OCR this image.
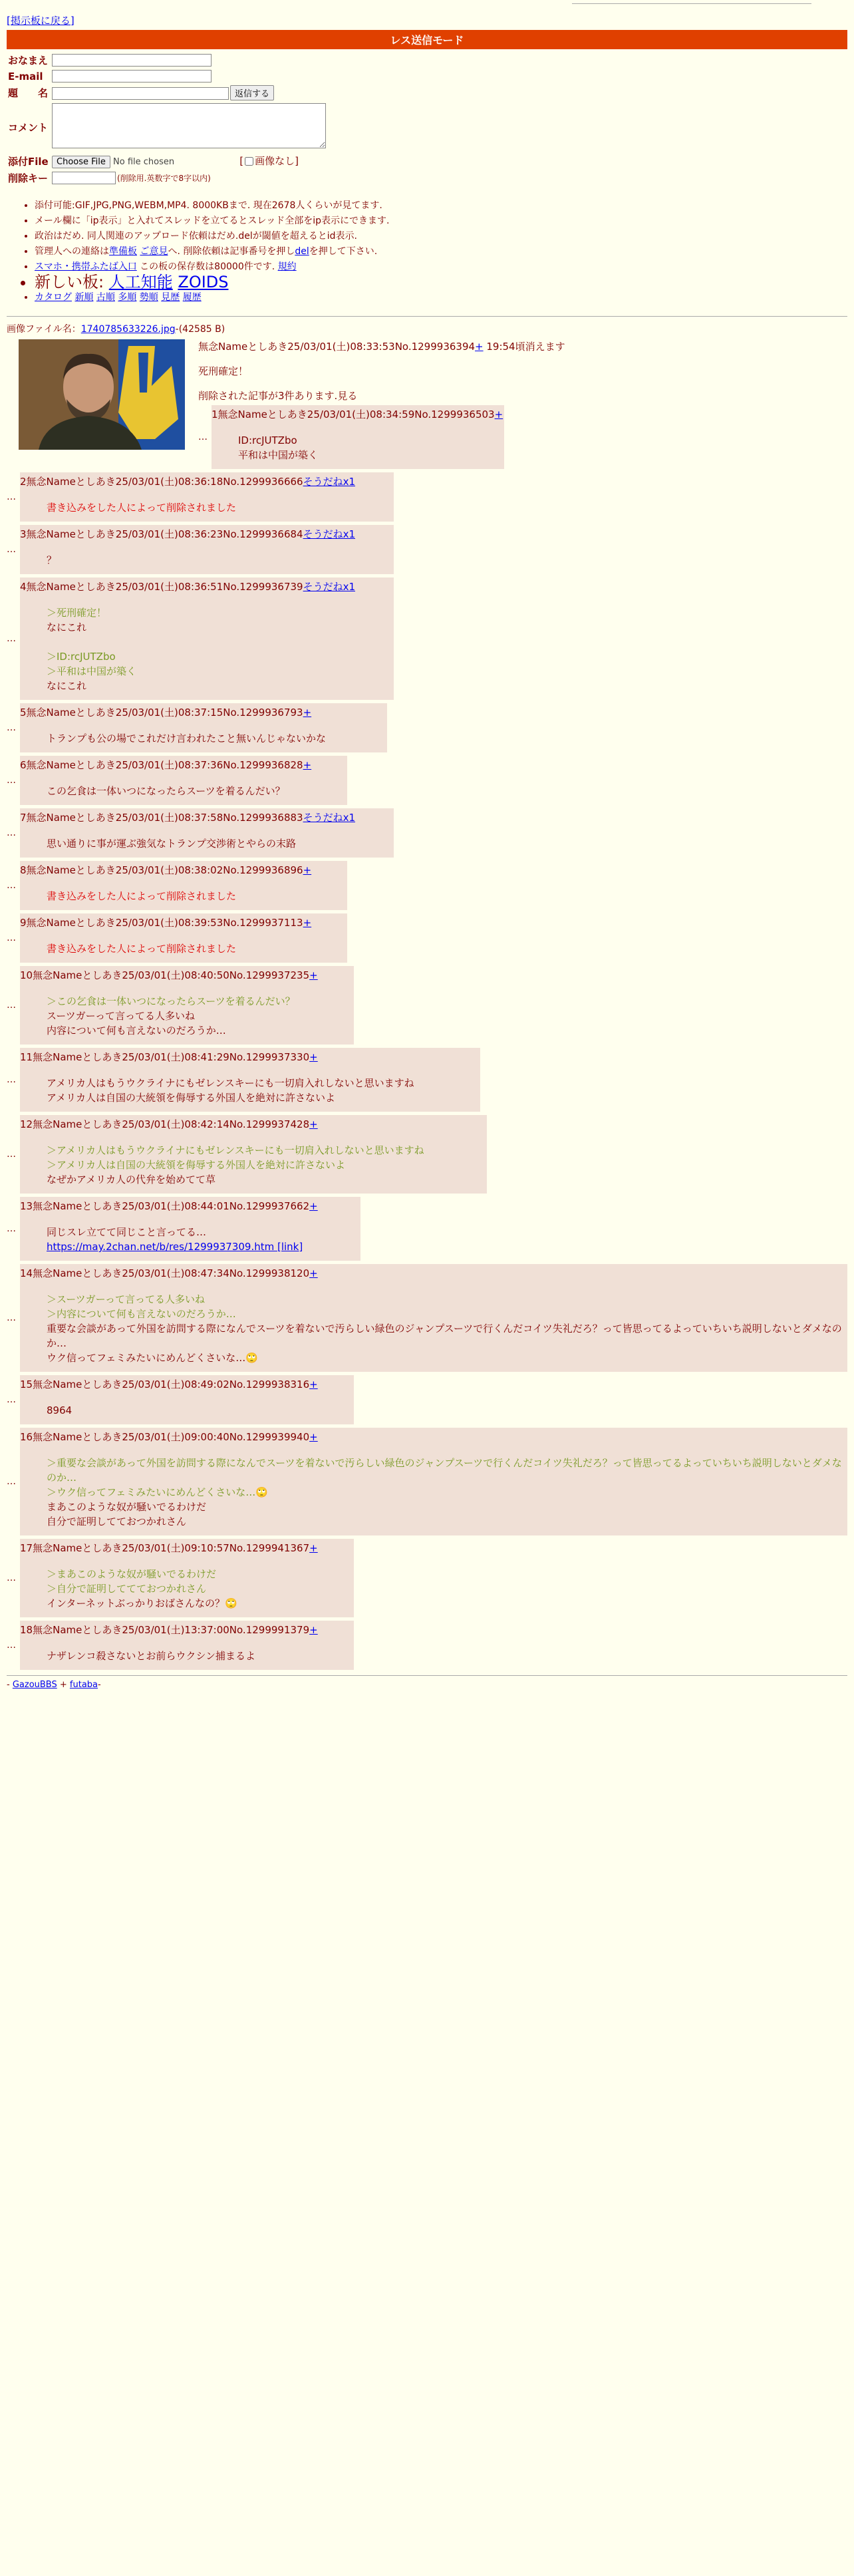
[掲示板に戻る]
レス送信モード
おなまえ	
E-mail	
題　　名	返信する
コメント	
添付File	Choose File No file chosen [ 画像なし]
削除キー	(削除用.英数字で8字以内)
• 添付可能:GIF,JPG,PNG,WEBM,MP4. 8000KBまで. 現在2678人くらいが見てます.
• メール欄に「ip表示」と入れてスレッドを立てるとスレッド全部をip表示にできます.
• 政治はだめ. 同人関連のアップロード依頼はだめ.delが閾値を超えるとid表示.
• 管理人への連絡は準備板 ご意見へ. 削除依頼は記事番号を押しdelを押して下さい.
• スマホ・携帯ふたば入口 この板の保存数は80000件です. 規約
• 新しい板: 人工知能 ZOIDS
• カタログ 新順 古順 多順 勢順 見歴 履歴
画像ファイル名：1740785633226.jpg-(42585 B)

無念Nameとしあき25/03/01(土)08:33:53No.1299936394+ 19:54頃消えます

死刑確定！

削除された記事が3件あります.見る

…
1無念Nameとしあき25/03/01(土)08:34:59No.1299936503+
ID:rcJUTZbo
平和は中国が築く
…
2無念Nameとしあき25/03/01(土)08:36:18No.1299936666そうだねx1
書き込みをした人によって削除されました
…
3無念Nameとしあき25/03/01(土)08:36:23No.1299936684そうだねx1
？
…
4無念Nameとしあき25/03/01(土)08:36:51No.1299936739そうだねx1
＞死刑確定！
なにこれ
＞ID:rcJUTZbo
＞平和は中国が築く
なにこれ
…
5無念Nameとしあき25/03/01(土)08:37:15No.1299936793+
トランプも公の場でこれだけ言われたこと無いんじゃないかな
…
6無念Nameとしあき25/03/01(土)08:37:36No.1299936828+
この乞食は一体いつになったらスーツを着るんだい？
…
7無念Nameとしあき25/03/01(土)08:37:58No.1299936883そうだねx1
思い通りに事が運ぶ強気なトランプ交渉術とやらの末路
…
8無念Nameとしあき25/03/01(土)08:38:02No.1299936896+
書き込みをした人によって削除されました
…
9無念Nameとしあき25/03/01(土)08:39:53No.1299937113+
書き込みをした人によって削除されました
…
10無念Nameとしあき25/03/01(土)08:40:50No.1299937235+
＞この乞食は一体いつになったらスーツを着るんだい？
スーツガーって言ってる人多いね
内容について何も言えないのだろうか…
…
11無念Nameとしあき25/03/01(土)08:41:29No.1299937330+
アメリカ人はもうウクライナにもゼレンスキーにも一切肩入れしないと思いますね
アメリカ人は自国の大統領を侮辱する外国人を絶対に許さないよ
…
12無念Nameとしあき25/03/01(土)08:42:14No.1299937428+
＞アメリカ人はもうウクライナにもゼレンスキーにも一切肩入れしないと思いますね
＞アメリカ人は自国の大統領を侮辱する外国人を絶対に許さないよ
なぜかアメリカ人の代弁を始めてて草
…
13無念Nameとしあき25/03/01(土)08:44:01No.1299937662+
同じスレ立てて同じこと言ってる…
https://may.2chan.net/b/res/1299937309.htm [link]
…
14無念Nameとしあき25/03/01(土)08:47:34No.1299938120+
＞スーツガーって言ってる人多いね
＞内容について何も言えないのだろうか…
重要な会談があって外国を訪問する際になんでスーツを着ないで汚らしい緑色のジャンプスーツで行くんだコイツ失礼だろ？って皆思ってるよっていちいち説明しないとダメなのか…
ウク信ってフェミみたいにめんどくさいな…🙄
…
15無念Nameとしあき25/03/01(土)08:49:02No.1299938316+
8964
…
16無念Nameとしあき25/03/01(土)09:00:40No.1299939940+
＞重要な会談があって外国を訪問する際になんでスーツを着ないで汚らしい緑色のジャンプスーツで行くんだコイツ失礼だろ？って皆思ってるよっていちいち説明しないとダメなのか…
＞ウク信ってフェミみたいにめんどくさいな…🙄
まあこのような奴が騒いでるわけだ
自分で証明してておつかれさん
…
17無念Nameとしあき25/03/01(土)09:10:57No.1299941367+
＞まあこのような奴が騒いでるわけだ
＞自分で証明しててておつかれさん
インターネットぶっかりおばさんなの？🙄
…
18無念Nameとしあき25/03/01(土)13:37:00No.1299991379+
ナザレンコ殺さないとお前らウクシン捕まるよ
- GazouBBS + futaba-
